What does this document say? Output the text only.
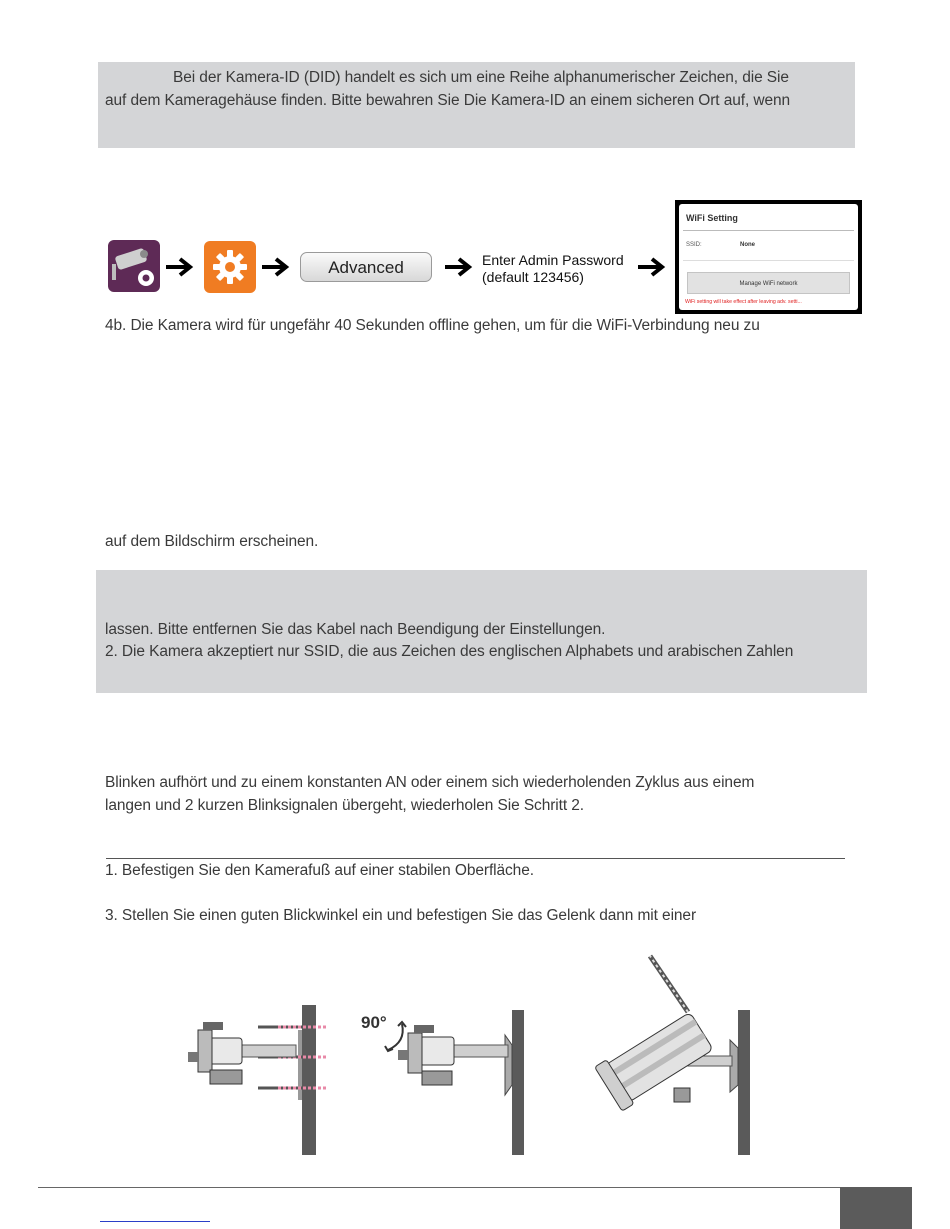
Bei der Kamera-ID (DID) handelt es sich um eine Reihe alphanumerischer Zeichen, die Sie
auf dem Kameragehäuse finden. Bitte bewahren Sie Die Kamera-ID an einem sicheren Ort auf, wenn
Advanced	Enter Admin Password
(default 123456)
WiFi Setting
SSID:	None
Manage WiFi network
WiFi setting will take effect after leaving adv. setti...
4b. Die Kamera wird für ungefähr 40 Sekunden offline gehen, um für die WiFi-Verbindung neu zu
auf dem Bildschirm erscheinen.
lassen. Bitte entfernen Sie das Kabel nach Beendigung der Einstellungen.
2. Die Kamera akzeptiert nur SSID, die aus Zeichen des englischen Alphabets und arabischen Zahlen
Blinken aufhört und zu einem konstanten AN oder einem sich wiederholenden Zyklus aus einem
langen und 2 kurzen Blinksignalen übergeht, wiederholen Sie Schritt 2.
1. Befestigen Sie den Kamerafuß auf einer stabilen Oberfläche.
3. Stellen Sie einen guten Blickwinkel ein und befestigen Sie das Gelenk dann mit einer
90°
